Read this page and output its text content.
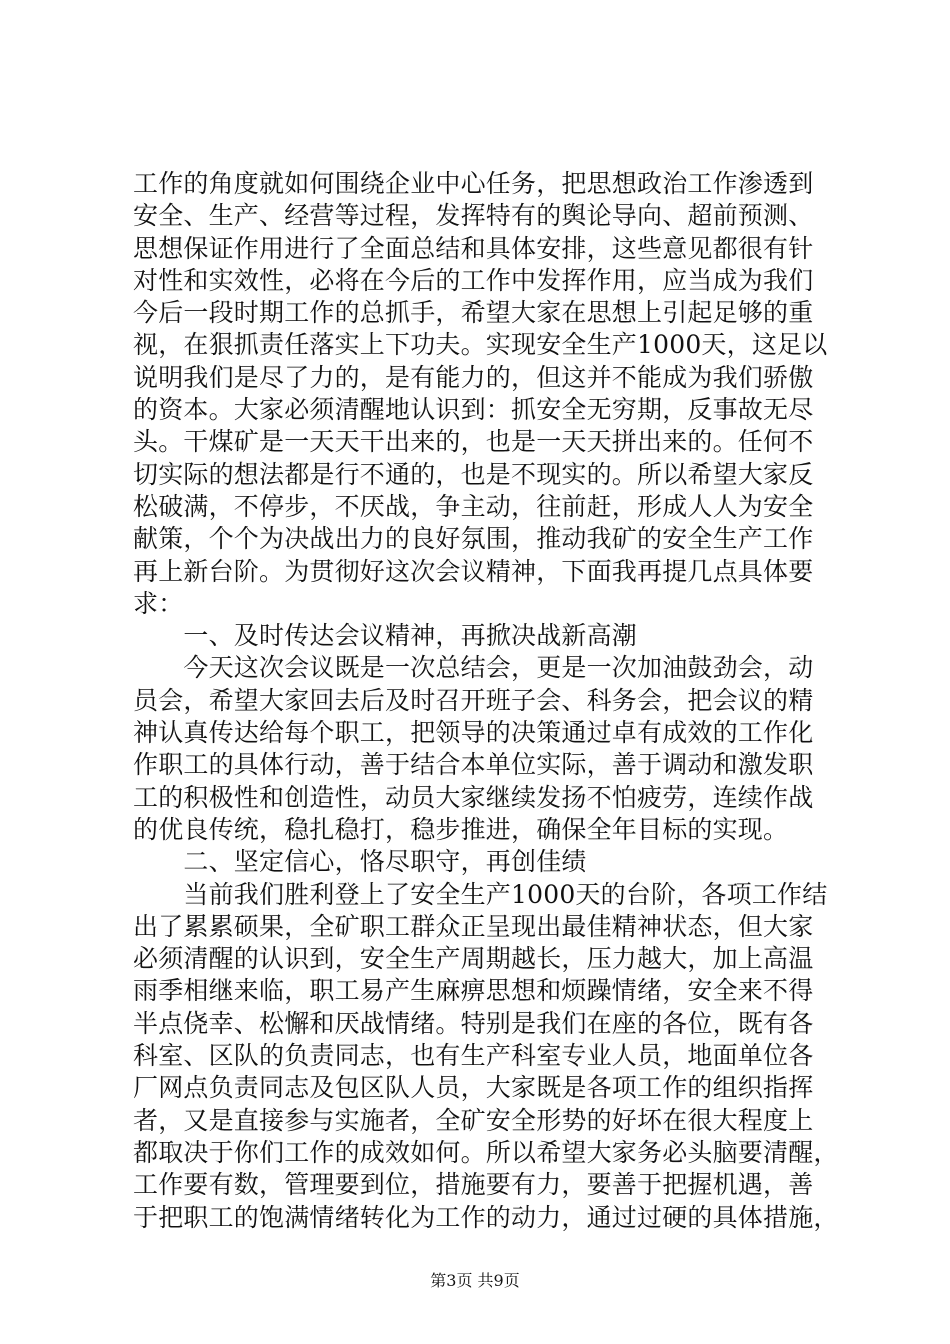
工作的角度就如何围绕企业中心任务，把思想政治工作渗透到
安全、生产、经营等过程，发挥特有的舆论导向、超前预测、
思想保证作用进行了全面总结和具体安排，这些意见都很有针
对性和实效性，必将在今后的工作中发挥作用，应当成为我们
今后一段时期工作的总抓手，希望大家在思想上引起足够的重
视，在狠抓责任落实上下功夫。实现安全生产1000天，这足以
说明我们是尽了力的，是有能力的，但这并不能成为我们骄傲
的资本。大家必须清醒地认识到：抓安全无穷期，反事故无尽
头。干煤矿是一天天干出来的，也是一天天拼出来的。任何不
切实际的想法都是行不通的，也是不现实的。所以希望大家反
松破满，不停步，不厌战，争主动，往前赶，形成人人为安全
献策，个个为决战出力的良好氛围，推动我矿的安全生产工作
再上新台阶。为贯彻好这次会议精神，下面我再提几点具体要
求：
　　一、及时传达会议精神，再掀决战新高潮
　　今天这次会议既是一次总结会，更是一次加油鼓劲会，动
员会，希望大家回去后及时召开班子会、科务会，把会议的精
神认真传达给每个职工，把领导的决策通过卓有成效的工作化
作职工的具体行动，善于结合本单位实际，善于调动和激发职
工的积极性和创造性，动员大家继续发扬不怕疲劳，连续作战
的优良传统，稳扎稳打，稳步推进，确保全年目标的实现。
　　二、坚定信心，恪尽职守，再创佳绩
　　当前我们胜利登上了安全生产1000天的台阶，各项工作结
出了累累硕果，全矿职工群众正呈现出最佳精神状态，但大家
必须清醒的认识到，安全生产周期越长，压力越大，加上高温
雨季相继来临，职工易产生麻痹思想和烦躁情绪，安全来不得
半点侥幸、松懈和厌战情绪。特别是我们在座的各位，既有各
科室、区队的负责同志，也有生产科室专业人员，地面单位各
厂网点负责同志及包区队人员，大家既是各项工作的组织指挥
者，又是直接参与实施者，全矿安全形势的好坏在很大程度上
都取决于你们工作的成效如何。所以希望大家务必头脑要清醒，
工作要有数，管理要到位，措施要有力，要善于把握机遇，善
于把职工的饱满情绪转化为工作的动力，通过过硬的具体措施，
第3页 共9页
